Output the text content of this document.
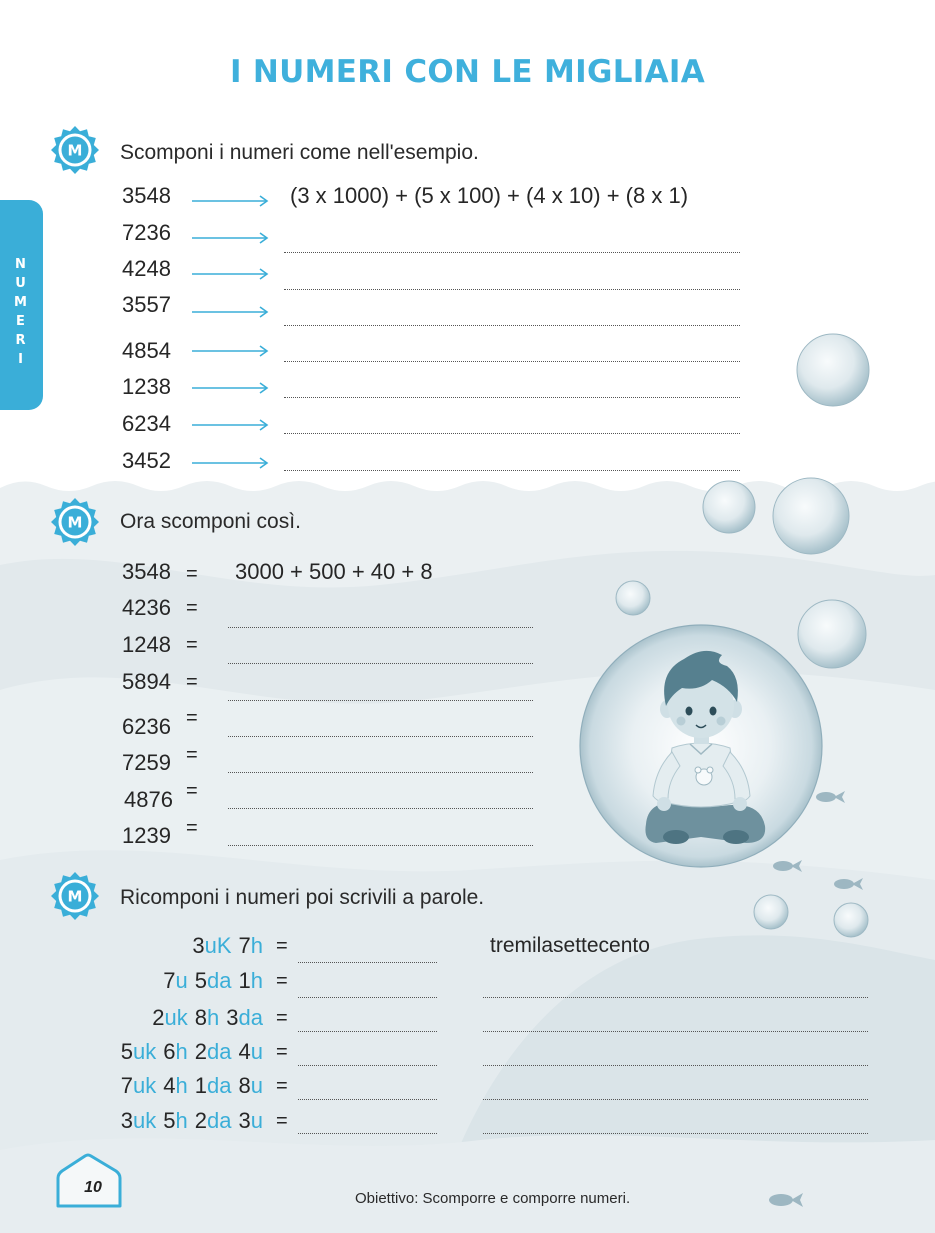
I NUMERI CON LE MIGLIAIA
NUMERI
Scomponi i numeri come nell'esempio.
Ora scomponi così.
Ricomponi i numeri poi scrivili a parole.
10
Obiettivo: Scomporre e comporre numeri.
M
M
M
3548	(3 x 1000) + (5 x 100) + (4 x 10) + (8 x 1)
7236
4248
3557
4854
1238
6234
3452
3548 = 3000 + 500 + 40 + 8
4236 =
1248 =
5894 =
6236 =
7259 =
4876 =
1239 =
3uK 7h =	tremilasettecento
7u 5da 1h =
2uk 8h 3da =
5uk 6h 2da 4u =
7uk 4h 1da 8u =
3uk 5h 2da 3u =
